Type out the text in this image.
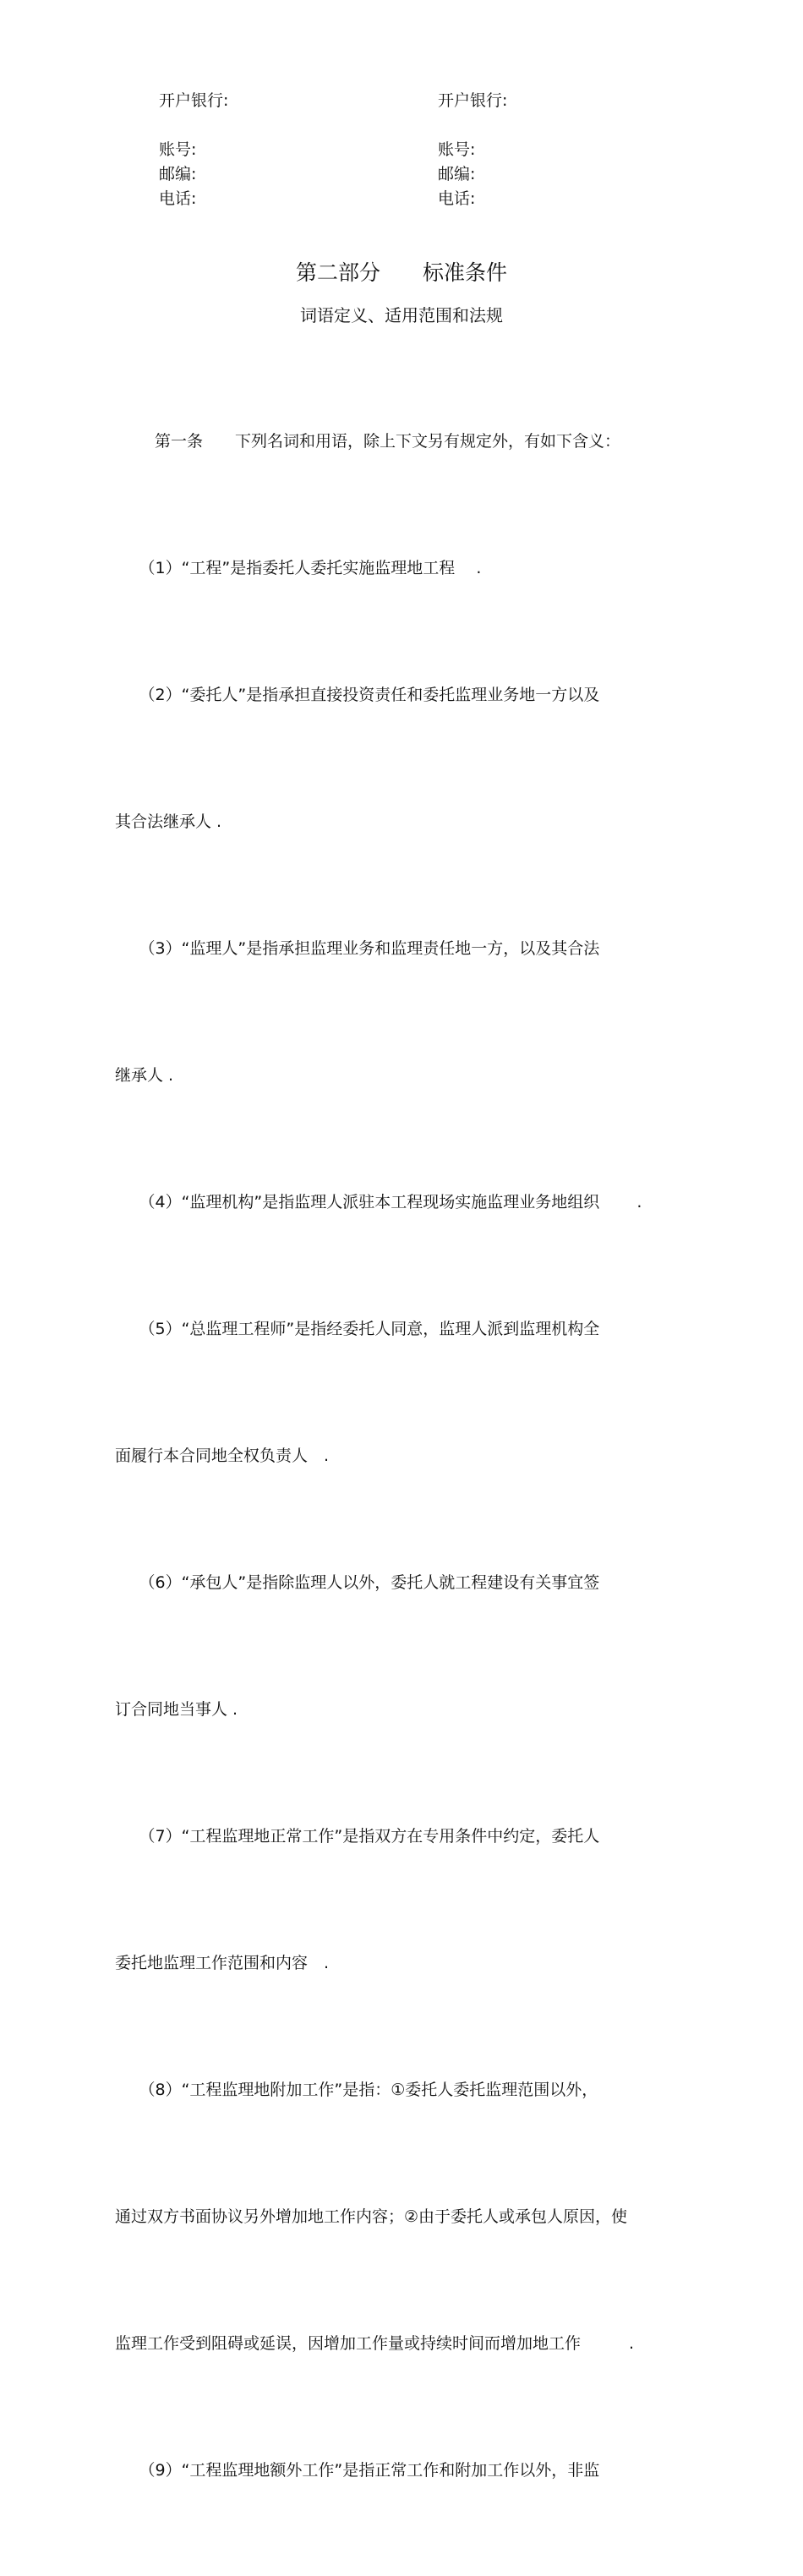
开户银行:
账号:
邮编:
电话:
开户银行:
账号:
邮编:
电话:
第二部分　　标准条件
词语定义、适用范围和法规

　第一条　　下列名词和用语，除上下文另有规定外，有如下含义：

　　（1）“工程”是指委托人委托实施监理地工程　 .

　　（2）“委托人”是指承担直接投资责任和委托监理业务地一方以及

其合法继承人 .

　　（3）“监理人”是指承担监理业务和监理责任地一方，以及其合法

继承人 .

　　（4）“监理机构”是指监理人派驻本工程现场实施监理业务地组织　　 .

　　（5）“总监理工程师”是指经委托人同意，监理人派到监理机构全

面履行本合同地全权负责人　.

　　（6）“承包人”是指除监理人以外，委托人就工程建设有关事宜签

订合同地当事人 .

　　（7）“工程监理地正常工作”是指双方在专用条件中约定，委托人

委托地监理工作范围和内容　.

　　（8）“工程监理地附加工作”是指：①委托人委托监理范围以外，

通过双方书面协议另外增加地工作内容；②由于委托人或承包人原因，使

监理工作受到阻碍或延误，因增加工作量或持续时间而增加地工作　　　.

　　（9）“工程监理地额外工作”是指正常工作和附加工作以外，非监
